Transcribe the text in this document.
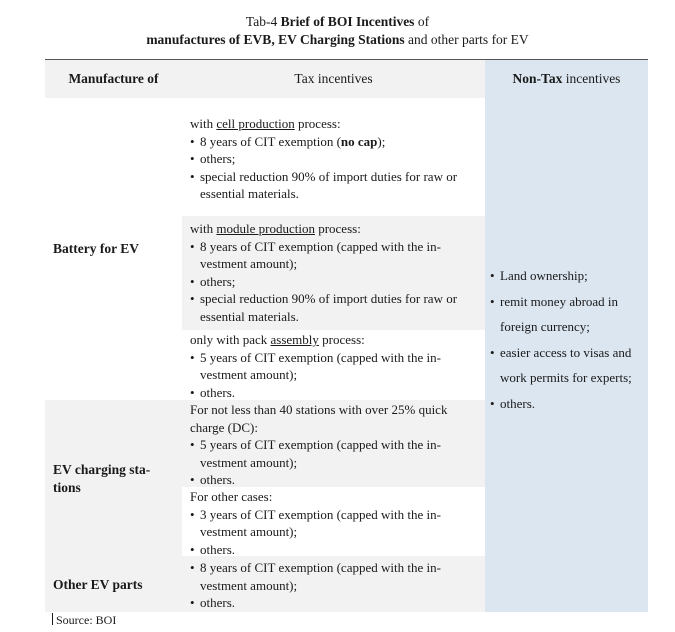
Tab-4 Brief of BOI Incentives of
manufactures of EVB, EV Charging Stations and other parts for EV
Manufacture of	Tax incentives	Non-Tax incentives
Battery for EV
EV charging sta-
tions
Other EV parts
with cell production process:
• 8 years of CIT exemption (no cap);
• others;
• special reduction 90% of import duties for raw or essential materials.
with module production process:
• 8 years of CIT exemption (capped with the in-vestment amount);
• others;
• special reduction 90% of import duties for raw or essential materials.
only with pack assembly process:
• 5 years of CIT exemption (capped with the in-vestment amount);
• others.
For not less than 40 stations with over 25% quick charge (DC):
• 5 years of CIT exemption (capped with the in-vestment amount);
• others.
For other cases:
• 3 years of CIT exemption (capped with the in-vestment amount);
• others.
• 8 years of CIT exemption (capped with the in-vestment amount);
• others.
• Land ownership;
• remit money abroad in foreign currency;
• easier access to visas and work permits for experts;
• others.
Source: BOI
